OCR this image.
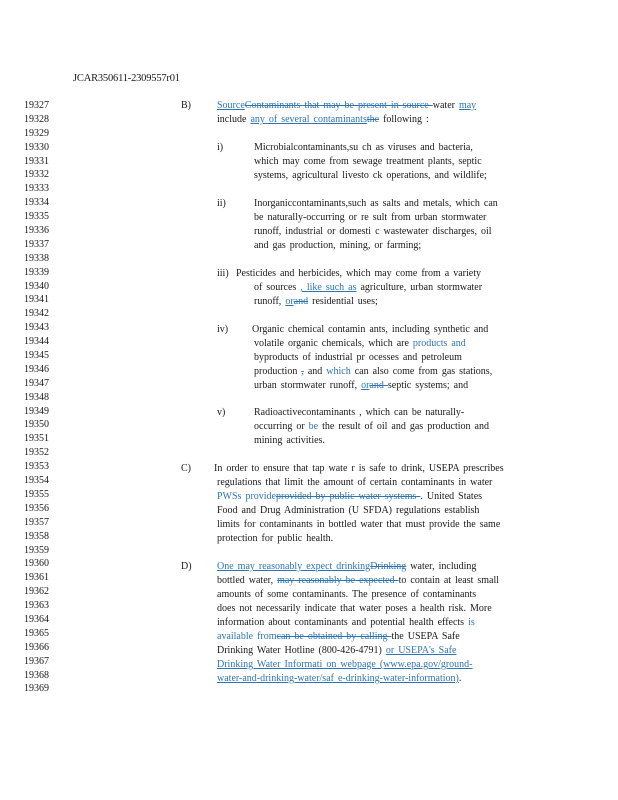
JCAR350611-2309557r01
19327
19328
19329
19330
19331
19332
19333
19334
19335
19336
19337
19338
19339
19340
19341
19342
19343
19344
19345
19346
19347
19348
19349
19350
19351
19352
19353
19354
19355
19356
19357
19358
19359
19360
19361
19362
19363
19364
19365
19366
19367
19368
19369
B)	SourceContaminants that may be present in source water may
include any of several contaminantsthe following :
i)	Microbialcontaminants,su ch as viruses and bacteria,
which may come from sewage treatment plants, septic
systems, agricultural livesto ck operations, and wildlife;
ii)	Inorganiccontaminants,such as salts and metals, which can
be naturally-occurring or re sult from urban stormwater
runoff, industrial or domesti c wastewater discharges, oil
and gas production, mining, or farming;
iii) Pesticides and herbicides, which may come from a variety
of sources , like such as agriculture, urban stormwater
runoff, orand residential uses;
iv) Organic chemical contamin ants, including synthetic and
volatile organic chemicals, which are products and
byproducts of industrial pr ocesses and petroleum
production , and which can also come from gas stations,
urban stormwater runoff, orand septic systems; and
v)	Radioactivecontaminants , which can be naturally-
occurring or be the result of oil and gas production and
mining activities.
C) In order to ensure that tap wate r is safe to drink, USEPA prescribes
regulations that limit the amount of certain contaminants in water
PWSs provideprovided by public water systems . United States
Food and Drug Administration (U SFDA) regulations establish
limits for contaminants in bottled water that must provide the same
protection for public health.
D)	One may reasonably expect drinkingDrinking water, including
bottled water, may reasonably be expected to contain at least small
amounts of some contaminants. The presence of contaminants
does not necessarily indicate that water poses a health risk. More
information about contaminants and potential health effects is
available fromcan be obtained by calling the USEPA Safe
Drinking Water Hotline (800-426-4791) or USEPA's Safe
Drinking Water Informati on webpage (www.epa.gov/ground-
water-and-drinking-water/saf e-drinking-water-information).
